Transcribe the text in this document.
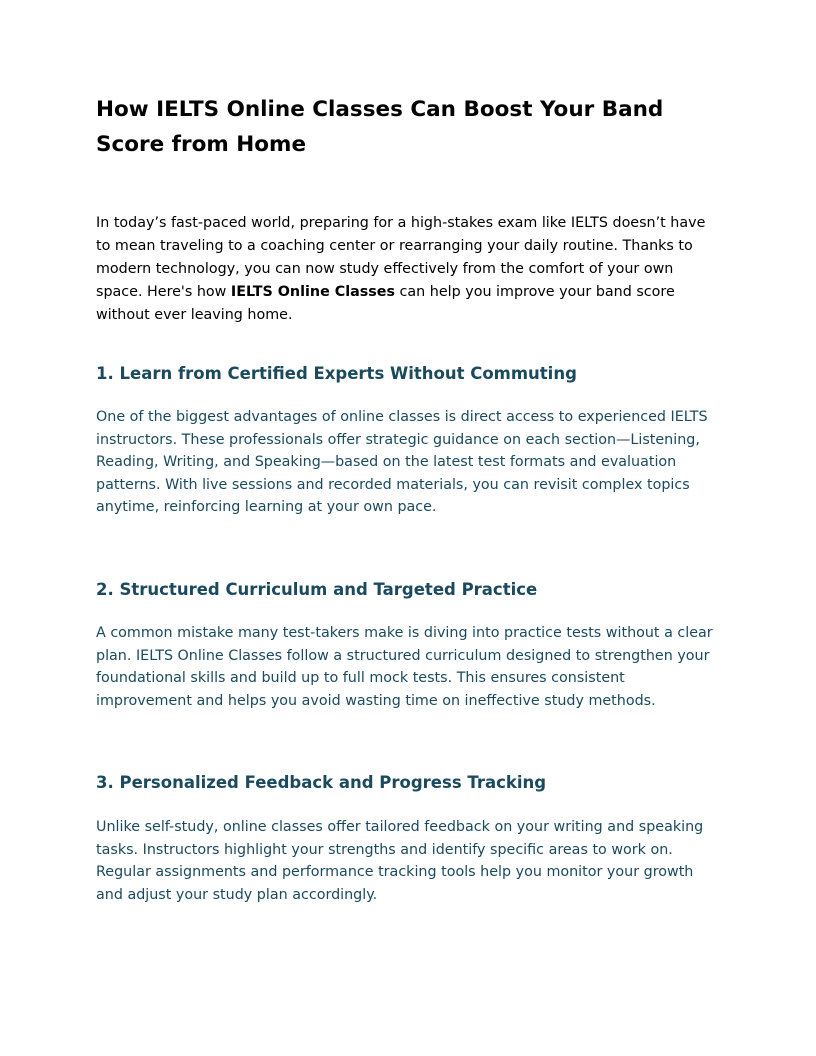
How IELTS Online Classes Can Boost Your Band Score from Home

In today’s fast-paced world, preparing for a high-stakes exam like IELTS doesn’t have to mean traveling to a coaching center or rearranging your daily routine. Thanks to modern technology, you can now study effectively from the comfort of your own space. Here's how IELTS Online Classes can help you improve your band score without ever leaving home.

1. Learn from Certified Experts Without Commuting

One of the biggest advantages of online classes is direct access to experienced IELTS instructors. These professionals offer strategic guidance on each section—Listening, Reading, Writing, and Speaking—based on the latest test formats and evaluation patterns. With live sessions and recorded materials, you can revisit complex topics anytime, reinforcing learning at your own pace.

2. Structured Curriculum and Targeted Practice

A common mistake many test-takers make is diving into practice tests without a clear plan. IELTS Online Classes follow a structured curriculum designed to strengthen your foundational skills and build up to full mock tests. This ensures consistent improvement and helps you avoid wasting time on ineffective study methods.

3. Personalized Feedback and Progress Tracking

Unlike self-study, online classes offer tailored feedback on your writing and speaking tasks. Instructors highlight your strengths and identify specific areas to work on. Regular assignments and performance tracking tools help you monitor your growth and adjust your study plan accordingly.
